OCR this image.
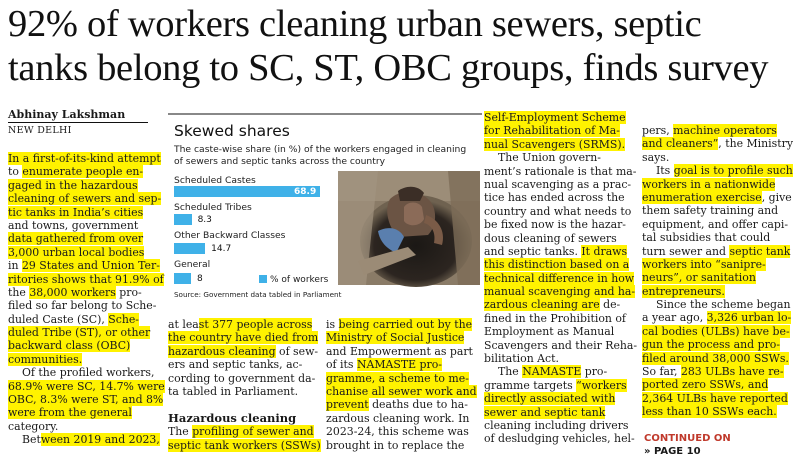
92% of workers cleaning urban sewers, septic
tanks belong to SC, ST, OBC groups, finds survey
Abhinay Lakshman
NEW DELHI
In a first-of-its-kind attempt
to enumerate people en-
gaged in the hazardous
cleaning of sewers and sep-
tic tanks in India’s cities
and towns, government
data gathered from over
3,000 urban local bodies
in 29 States and Union Ter-
ritories shows that 91.9% of
the 38,000 workers pro-
filed so far belong to Sche-
duled Caste (SC), Sche-
duled Tribe (ST), or other
backward class (OBC)
communities.
Of the profiled workers,
68.9% were SC, 14.7% were
OBC, 8.3% were ST, and 8%
were from the general
category.
Between 2019 and 2023,
at least 377 people across
the country have died from
hazardous cleaning of sew-
ers and septic tanks, ac-
cording to government da-
ta tabled in Parliament.
Hazardous cleaning
The profiling of sewer and
septic tank workers (SSWs)
is being carried out by the
Ministry of Social Justice
and Empowerment as part
of its NAMASTE pro-
gramme, a scheme to me-
chanise all sewer work and
prevent deaths due to ha-
zardous cleaning work. In
2023-24, this scheme was
brought in to replace the
Self-Employment Scheme
for Rehabilitation of Ma-
nual Scavengers (SRMS).
The Union govern-
ment’s rationale is that ma-
nual scavenging as a prac-
tice has ended across the
country and what needs to
be fixed now is the hazar-
dous cleaning of sewers
and septic tanks. It draws
this distinction based on a
technical difference in how
manual scavenging and ha-
zardous cleaning are de-
fined in the Prohibition of
Employment as Manual
Scavengers and their Reha-
bilitation Act.
The NAMASTE pro-
gramme targets “workers
directly associated with
sewer and septic tank
cleaning including drivers
of desludging vehicles, hel-
pers, machine operators
and cleaners”, the Ministry
says.
Its goal is to profile such
workers in a nationwide
enumeration exercise, give
them safety training and
equipment, and offer capi-
tal subsidies that could
turn sewer and septic tank
workers into “sanipre-
neurs”, or sanitation
entrepreneurs.
Since the scheme began
a year ago, 3,326 urban lo-
cal bodies (ULBs) have be-
gun the process and pro-
filed around 38,000 SSWs.
So far, 283 ULBs have re-
ported zero SSWs, and
2,364 ULBs have reported
less than 10 SSWs each.
Skewed shares
The caste-wise share (in %) of the workers engaged in cleaning
of sewers and septic tanks across the country
Scheduled Castes
68.9
Scheduled Tribes
8.3
Other Backward Classes
14.7
General
8	% of workers
Source: Government data tabled in Parliament
CONTINUED ON
» PAGE 10
